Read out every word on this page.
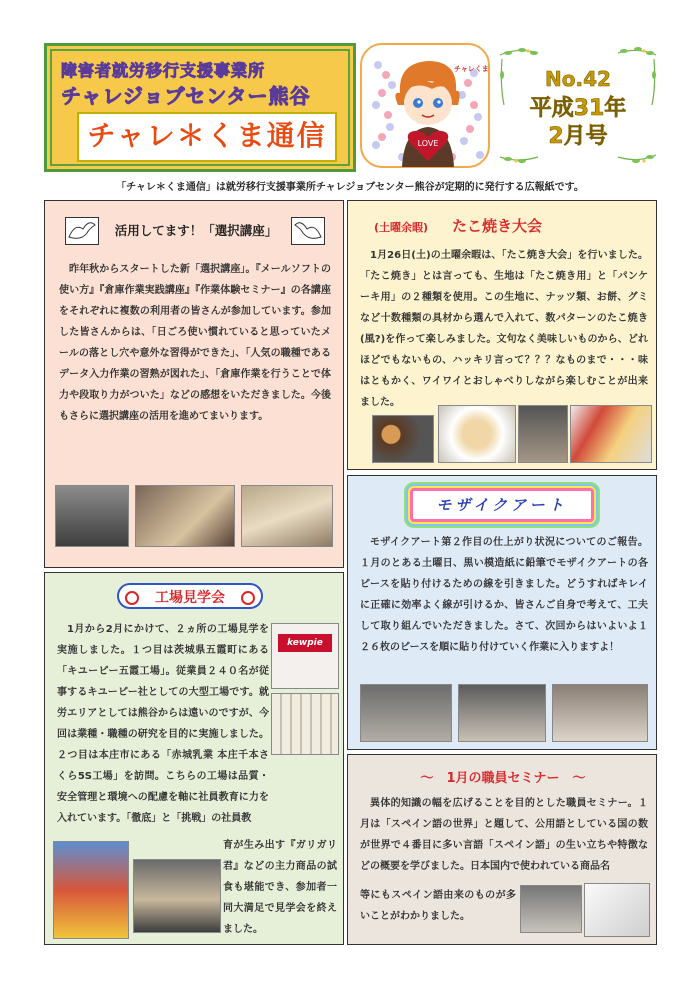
障害者就労移行支援事業所
チャレジョブセンター熊谷
チャレ＊くま通信	LOVE
チャレくま	No.42
平成31年
2月号
「チャレ＊くま通信」は就労移行支援事業所チャレジョブセンター熊谷が定期的に発行する広報紙です。
活用してます！「選択講座」
昨年秋からスタートした新「選択講座」。『メールソフトの使い方』『倉庫作業実践講座』『作業体験セミナー』の各講座をそれぞれに複数の利用者の皆さんが参加しています。参加した皆さんからは、「日ごろ使い慣れていると思っていたメールの落とし穴や意外な習得ができた」、「人気の職種であるデータ入力作業の習熟が図れた」、「倉庫作業を行うことで体力や段取り力がついた」などの感想をいただきました。今後もさらに選択講座の活用を進めてまいります。
(土曜余暇) たこ焼き大会
1月26日(土)の土曜余暇は、「たこ焼き大会」を行いました。「たこ焼き」とは言っても、生地は「たこ焼き用」と「パンケーキ用」の２種類を使用。この生地に、ナッツ類、お餅、グミなど十数種類の具材から選んで入れて、数パターンのたこ焼き(風?)を作って楽しみました。文句なく美味しいものから、どれほどでもないもの、ハッキリ言って？？？なものまで・・・味はともかく、ワイワイとおしゃべりしながら楽しむことが出来ました。
モザイクアート
モザイクアート第２作目の仕上がり状況についてのご報告。１月のとある土曜日、黒い模造紙に鉛筆でモザイクアートの各ピースを貼り付けるための線を引きました。どうすればキレイに正確に効率よく線が引けるか、皆さんご自身で考えて、工夫して取り組んでいただきました。さて、次回からはいよいよ１２６枚のピースを順に貼り付けていく作業に入りますよ！
工場見学会
1月から2月にかけて、２ヵ所の工場見学を実施しました。１つ目は茨城県五霞町にある「キユーピー五霞工場」。従業員２４０名が従事するキユーピー社としての大型工場です。就労エリアとしては熊谷からは遠いのですが、今回は業種・職種の研究を目的に実施しました。２つ目は本庄市にある「赤城乳業 本庄千本さくら5S工場」を訪問。こちらの工場は品質・安全管理と環境への配慮を軸に社員教育に力を入れています。「徹底」と「挑戦」の社員教
kewpie
育が生み出す『ガリガリ君』などの主力商品の試食も堪能でき、参加者一同大満足で見学会を終えました。
～　1月の職員セミナー　～
異体的知識の幅を広げることを目的とした職員セミナー。１月は「スペイン語の世界」と題して、公用語としている国の数が世界で４番目に多い言語「スペイン語」の生い立ちや特徴などの概要を学びました。日本国内で使われている商品名
等にもスペイン語由来のものが多いことがわかりました。
